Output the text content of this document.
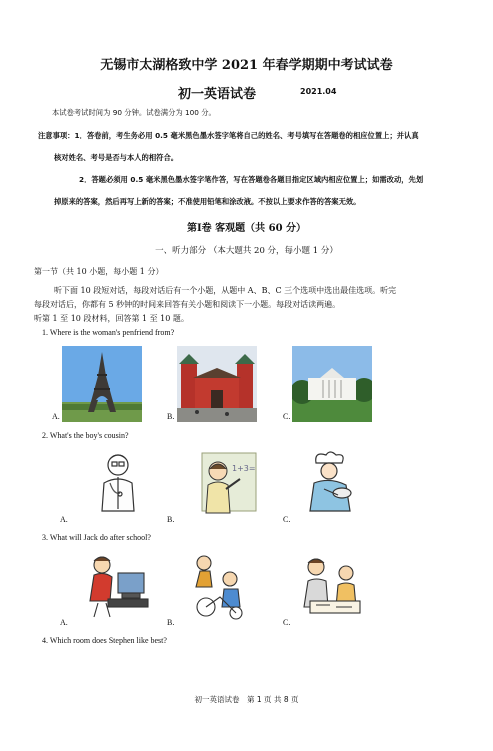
无锡市太湖格致中学 2021 年春学期期中考试试卷
初一英语试卷	2021.04
本试卷考试时间为 90 分钟。试卷满分为 100 分。
注意事项：1．答卷前，考生务必用 0.5 毫米黑色墨水签字笔将自己的姓名、考号填写在答题卷的相应位置上；并认真
核对姓名、考号是否与本人的相符合。
2．答题必须用 0.5 毫米黑色墨水签字笔作答，写在答题卷各题目指定区域内相应位置上；如需改动，先划
掉原来的答案，然后再写上新的答案；不准使用铅笔和涂改液。不按以上要求作答的答案无效。
第Ⅰ卷 客观题（共 60 分）
一、听力部分 （本大题共 20 分，每小题 1 分）
第一节（共 10 小题，每小题 1 分）
听下面 10 段短对话，每段对话后有一个小题，从题中 A、B、C 三个选项中选出最佳选项。听完
每段对话后，你都有 5 秒钟的时间来回答有关小题和阅读下一小题。每段对话读两遍。
听第 1 至 10 段材料，回答第 1 至 10 题。
1. Where is the woman's penfriend from?
A.	B.	C.
2. What's the boy's cousin?
1+3=
A.	B.	C.
3. What will Jack do after school?
A.	B.	C.
4. Which room does Stephen like best?
初一英语试卷　第 1 页 共 8 页
